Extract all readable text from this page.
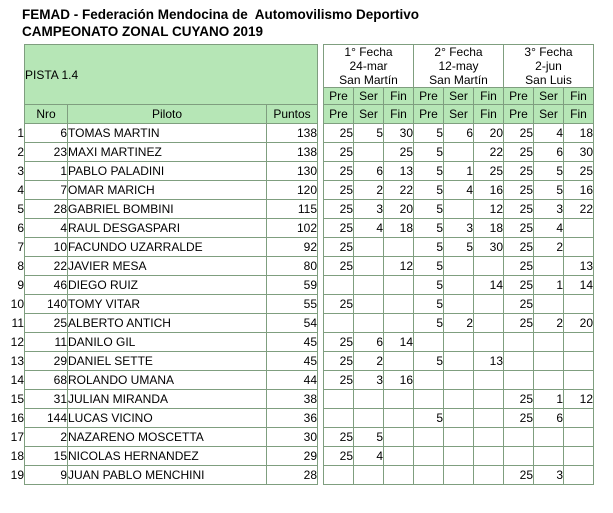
FEMAD - Federación Mendocina de  Automovilismo Deportivo
CAMPEONATO ZONAL CUYANO 2019
	PISTA 1.4				1° Fecha
24-mar
San Martín			2° Fecha
12-may
San Martín			3° Fecha
2-jun
San Luis		

					Pre	Ser	Fin	Pre	Ser	Fin	Pre	Ser	Fin
	Nro	Piloto	Puntos		Pre	Ser	Fin	Pre	Ser	Fin	Pre	Ser	Fin
1	6	TOMAS MARTIN	138		25	5	30	5	6	20	25	4	18
2	23	MAXI MARTINEZ	138		25		25	5		22	25	6	30
3	1	PABLO PALADINI	130		25	6	13	5	1	25	25	5	25
4	7	OMAR MARICH	120		25	2	22	5	4	16	25	5	16
5	28	GABRIEL BOMBINI	115		25	3	20	5		12	25	3	22
6	4	RAUL DESGASPARI	102		25	4	18	5	3	18	25	4	
7	10	FACUNDO UZARRALDE	92		25			5	5	30	25	2	
8	22	JAVIER MESA	80		25		12	5			25		13
9	46	DIEGO RUIZ	59					5		14	25	1	14
10	140	TOMY VITAR	55		25			5			25		
11	25	ALBERTO ANTICH	54					5	2		25	2	20
12	11	DANILO GIL	45		25	6	14						
13	29	DANIEL SETTE	45		25	2		5		13			
14	68	ROLANDO UMANA	44		25	3	16						
15	31	JULIAN MIRANDA	38								25	1	12
16	144	LUCAS VICINO	36					5			25	6	
17	2	NAZARENO MOSCETTA	30		25	5							
18	15	NICOLAS HERNANDEZ	29		25	4							
19	9	JUAN PABLO MENCHINI	28								25	3	
